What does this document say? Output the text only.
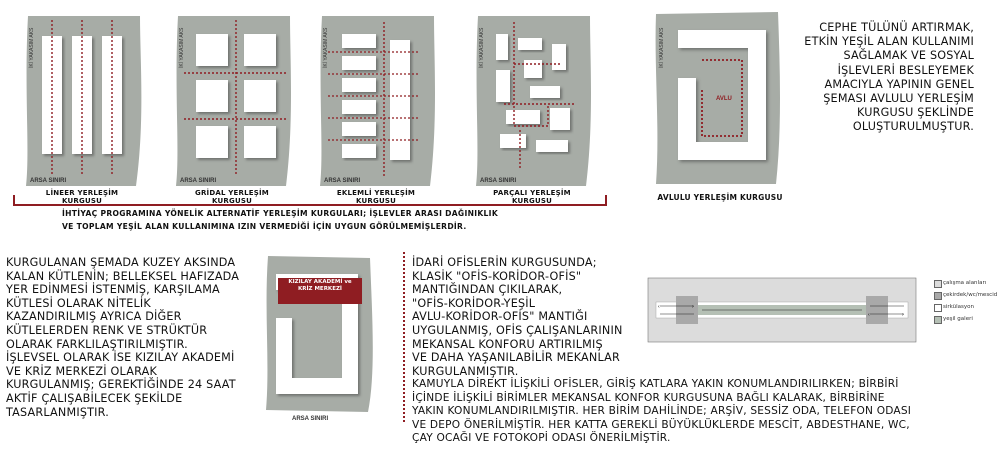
İKİ YAKASIM AKS
ARSA SINIRI
İKİ YAKASIM AKS
ARSA SINIRI
İKİ YAKASIM AKS
ARSA SINIRI
İKİ YAKASIM AKS
ARSA SINIRI
LİNEER YERLEŞİM KURGUSU
GRİDAL YERLEŞİM KURGUSU
EKLEMLİ YERLEŞİM KURGUSU
PARÇALI YERLEŞİM KURGUSU
İHTİYAÇ PROGRAMINA YÖNELİK ALTERNATİF YERLEŞİM KURGULARI; İŞLEVLER ARASI DAĞINIKLIK
VE TOPLAM YEŞİL ALAN KULLANIMINA IZIN VERMEDİĞİ İÇİN UYGUN GÖRÜLMEMİŞLERDİR.
İKİ YAKASIM AKS
AVLU
AVLULU YERLEŞİM KURGUSU
CEPHE TÜLÜNÜ ARTIRMAK,
ETKİN YEŞİL ALAN KULLANIMI
SAĞLAMAK VE SOSYAL
İŞLEVLERİ BESLEYEMEK
AMACIYLA YAPININ GENEL
ŞEMASI AVLULU YERLEŞİM
KURGUSU ŞEKLİNDE
OLUŞTURULMUŞTUR.
KURGULANAN ŞEMADA KUZEY AKSINDA
KALAN KÜTLENİN; BELLEKSEL HAFIZADA
YER EDİNMESİ İSTENMİŞ, KARŞILAMA
KÜTLESİ OLARAK NİTELİK
KAZANDIRILMIŞ AYRICA DİĞER
KÜTLELERDEN RENK VE STRÜKTÜR
OLARAK FARKLILAŞTIRILMIŞTIR.
İŞLEVSEL OLARAK İSE KIZILAY AKADEMİ
VE KRİZ MERKEZİ OLARAK
KURGULANMIŞ; GEREKTİĞİNDE 24 SAAT
AKTİF ÇALIŞABİLECEK ŞEKİLDE
TASARLANMIŞTIR.
ARSA SINIRI
KIZILAY AKADEMİ ve
KRİZ MERKEZİ
İDARİ OFİSLERİN KURGUSUNDA;
KLASİK "OFİS-KORİDOR-OFİS"
MANTIĞINDAN ÇIKILARAK,
"OFİS-KORİDOR-YEŞİL
AVLU-KORİDOR-OFİS" MANTIĞI
UYGULANMIŞ, OFİS ÇALIŞANLARININ
MEKANSAL KONFORU ARTIRILMIŞ
VE DAHA YAŞANILABİLİR MEKANLAR
KURGULANMIŞTIR.
‹	›
‹	›
çalışma alanları
çekirdek/wc/mescid
sirkülasyon
yeşil galeri
KAMUYLA DİREKT İLİŞKİLİ OFİSLER, GİRİŞ KATLARA YAKIN KONUMLANDIRILIRKEN; BİRBİRİ
İÇİNDE İLİŞKİLİ BİRİMLER MEKANSAL KONFOR KURGUSUNA BAĞLI KALARAK, BİRBİRİNE
YAKIN KONUMLANDIRILMIŞTIR. HER BİRİM DAHİLİNDE; ARŞİV, SESSİZ ODA, TELEFON ODASI
VE DEPO ÖNERİLMİŞTİR. HER KATTA GEREKLİ BÜYÜKLÜKLERDE MESCİT, ABDESTHANE, WC,
ÇAY OCAĞI VE FOTOKOPİ ODASI ÖNERİLMİŞTİR.
